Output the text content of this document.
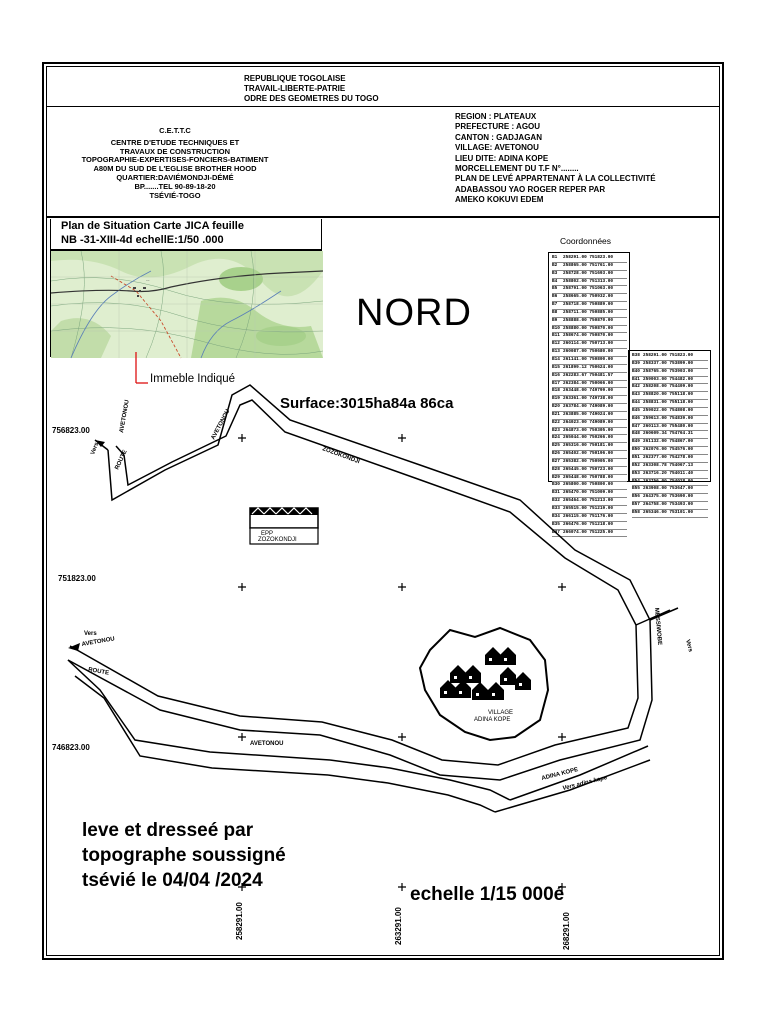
REPUBLIQUE TOGOLAISE
TRAVAIL-LIBERTE-PATRIE
ODRE DES GEOMETRES DU TOGO
C.E.T.T.C
CENTRE D'ETUDE TECHNIQUES ET
TRAVAUX DE CONSTRUCTION
TOPOGRAPHIE-EXPERTISES-FONCIERS-BATIMENT
A80M DU SUD DE L'EGLISE BROTHER HOOD
QUARTIER:DAVIÉMONDJI-DÉMÉ
BP.......TEL 90-89-18-20
TSÉVIÉ-TOGO
REGION : PLATEAUX
PREFECTURE : AGOU
CANTON : GADJAGAN
VILLAGE: AVETONOU
LIEU DITE: ADINA KOPE
MORCELLEMENT DU T.F N°........
PLAN DE LEVÉ APPARTENANT À LA COLLECTIVITÉ
ADABASSOU YAO ROGER REPER PAR
AMEKO KOKUVI EDEM
Plan de Situation Carte JICA feuille
NB -31-XIII-4d echellE:1/50 .000
~~
Immeble Indiqué
NORD
Coordonnées
B1 258291.00 751823.00
B2 258865.00 751761.00
B3 258728.00 751693.00
B4 258802.00 751313.00
B5 258791.00 751063.00
B6 258665.00 750932.00
B7 258718.00 750889.00
B8 258711.00 750885.00
B9 258888.00 750870.00
B10 258880.00 750870.00
B11 258674.00 750870.00
B12 260114.00 750713.00
B13 260087.00 750680.00
B14 261141.00 750800.00
B15 261899.12 750624.00
B16 262283.67 750481.57
B17 262384.00 750066.00
B18 263448.00 749799.00
B19 263361.00 749738.00
B20 263784.00 749089.00
B21 263885.00 749024.00
B22 264023.00 749089.00
B23 264873.00 750305.00
B24 265044.00 750266.00
B25 265316.00 750181.00
B26 265402.00 750196.00
B27 265382.00 750905.00
B28 265445.00 750723.00
B29 265448.00 750788.00
B30 265800.00 750800.00
B31 265470.00 751009.00
B32 265464.00 751213.00
B33 265515.00 751219.00
B34 266115.00 751176.00
B35 266476.00 751218.00
B37 266074.00 751225.00
B38 258291.00 751823.00
B39 258337.00 753899.00
B40 258765.00 753903.00
B41 259003.00 754482.00
B42 258208.00 754409.00
B43 258820.00 755118.00
B44 258831.00 755118.00
B45 259022.00 754808.00
B46 259613.00 754839.00
B47 260113.00 755480.00
B48 260609.34 754764.31
B49 261132.00 754867.00
B50 262076.00 754576.00
B51 262377.00 754278.00
B52 263308.78 754067.13
B53 263716.20 754011.40
B54 263756.00 754028.00
B55 263908.00 753647.00
B56 264375.00 753690.00
B57 264758.00 753493.00
B58 265346.00 753101.00
Surface:3015ha84a 86ca
756823.00
751823.00
746823.00
Vers
ROUTE
AVETONOU	AVETONOU
ZOZOKONDJI
MESSIWOBE
Vers
Vers
AVETONOU
ROUTE
AVETONOU
ADINA KOPE
Vers adina kope
EPP
ZOZOKONDJI
VILLAGE
ADINA KOPE
258291.00	263291.00	268291.00
leve et dresseé par
topographe soussigné
tsévié le 04/04 /2024
echelle 1/15 000é
